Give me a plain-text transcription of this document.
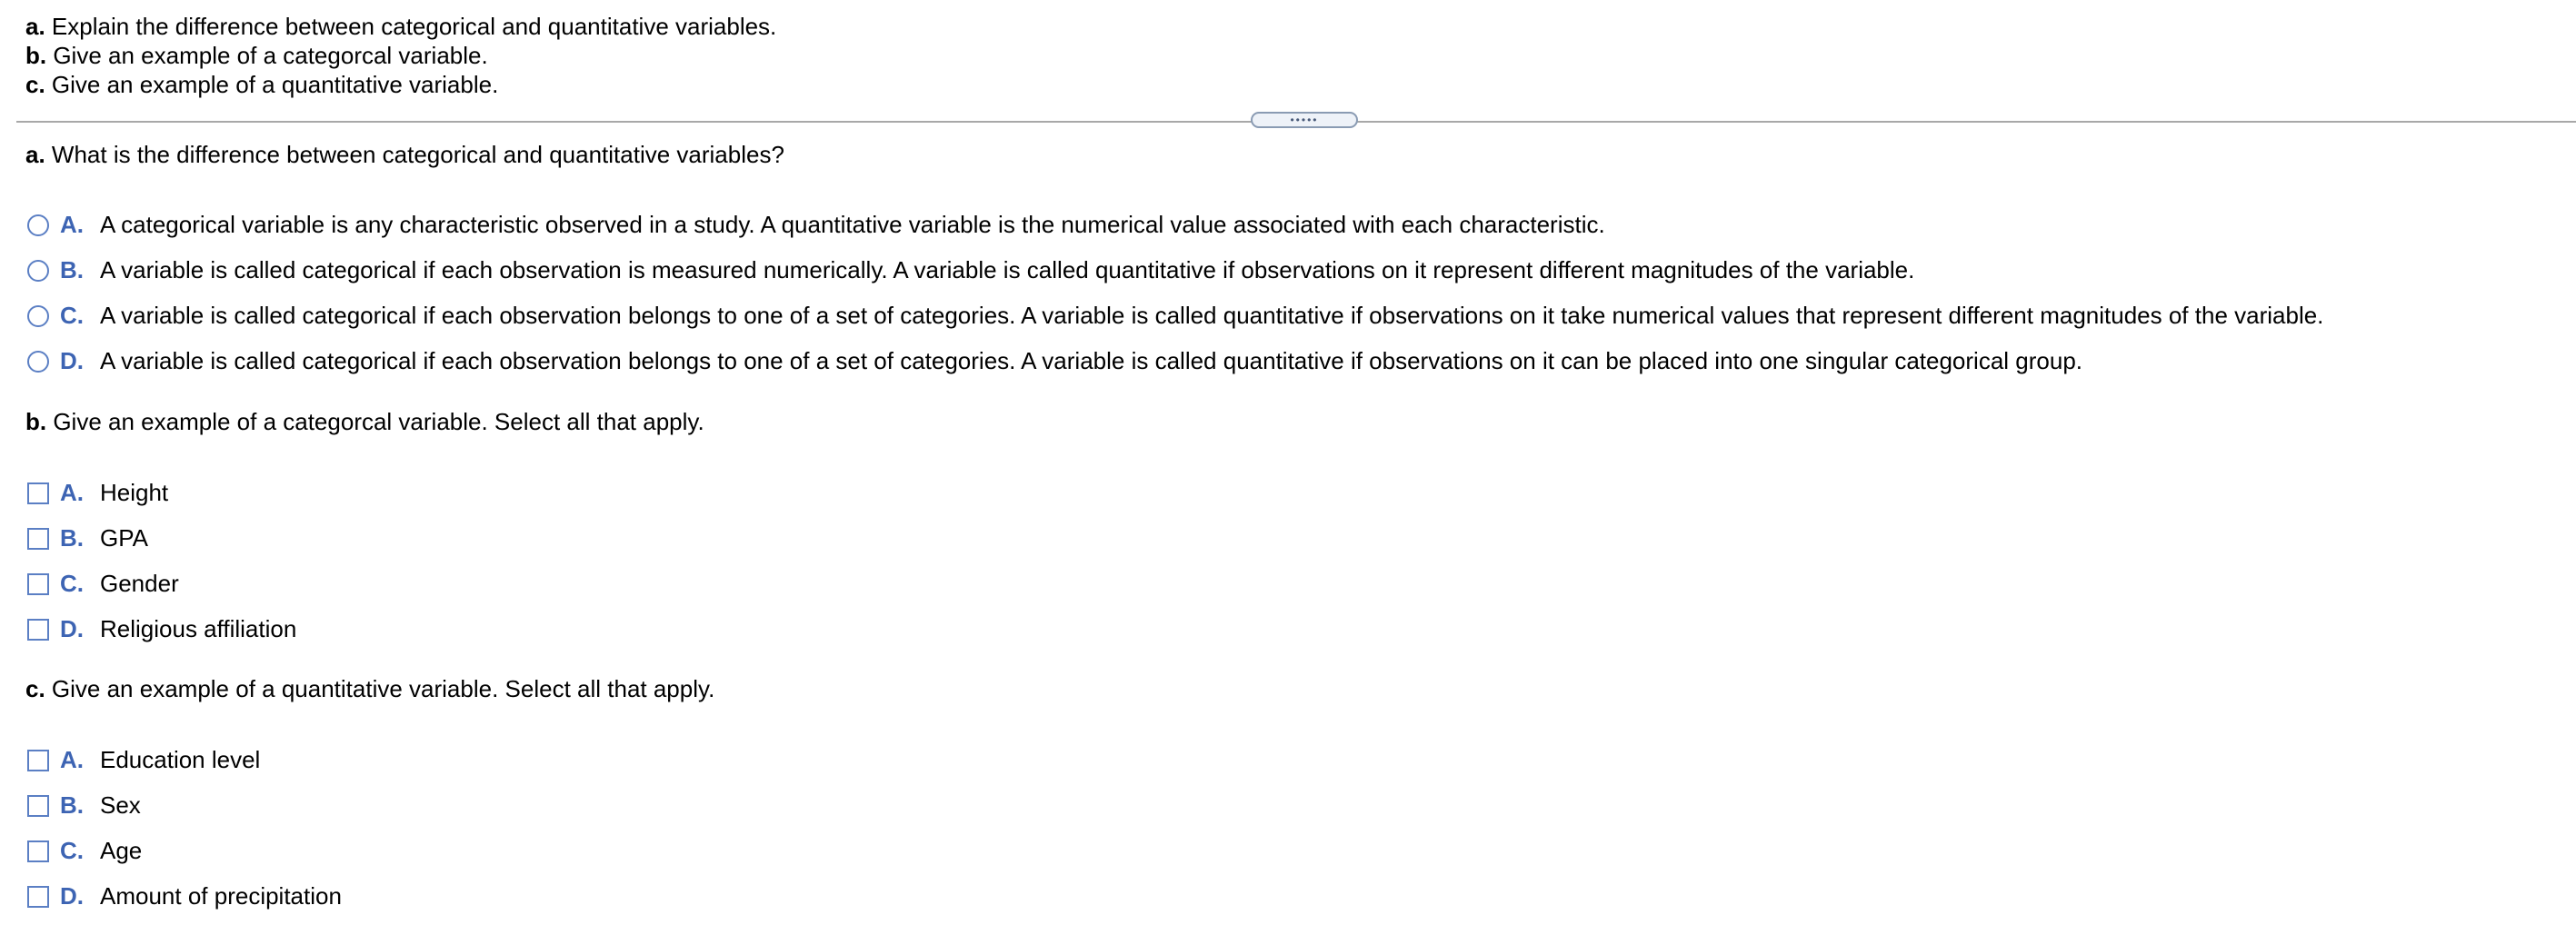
a. Explain the difference between categorical and quantitative variables.
b. Give an example of a categorcal variable.
c. Give an example of a quantitative variable.
•••••
a. What is the difference between categorical and quantitative variables?
A. A categorical variable is any characteristic observed in a study. A quantitative variable is the numerical value associated with each characteristic.
B. A variable is called categorical if each observation is measured numerically. A variable is called quantitative if observations on it represent different magnitudes of the variable.
C. A variable is called categorical if each observation belongs to one of a set of categories. A variable is called quantitative if observations on it take numerical values that represent different magnitudes of the variable.
D. A variable is called categorical if each observation belongs to one of a set of categories. A variable is called quantitative if observations on it can be placed into one singular categorical group.
b. Give an example of a categorcal variable. Select all that apply.
A. Height
B. GPA
C. Gender
D. Religious affiliation
c. Give an example of a quantitative variable. Select all that apply.
A. Education level
B. Sex
C. Age
D. Amount of precipitation
